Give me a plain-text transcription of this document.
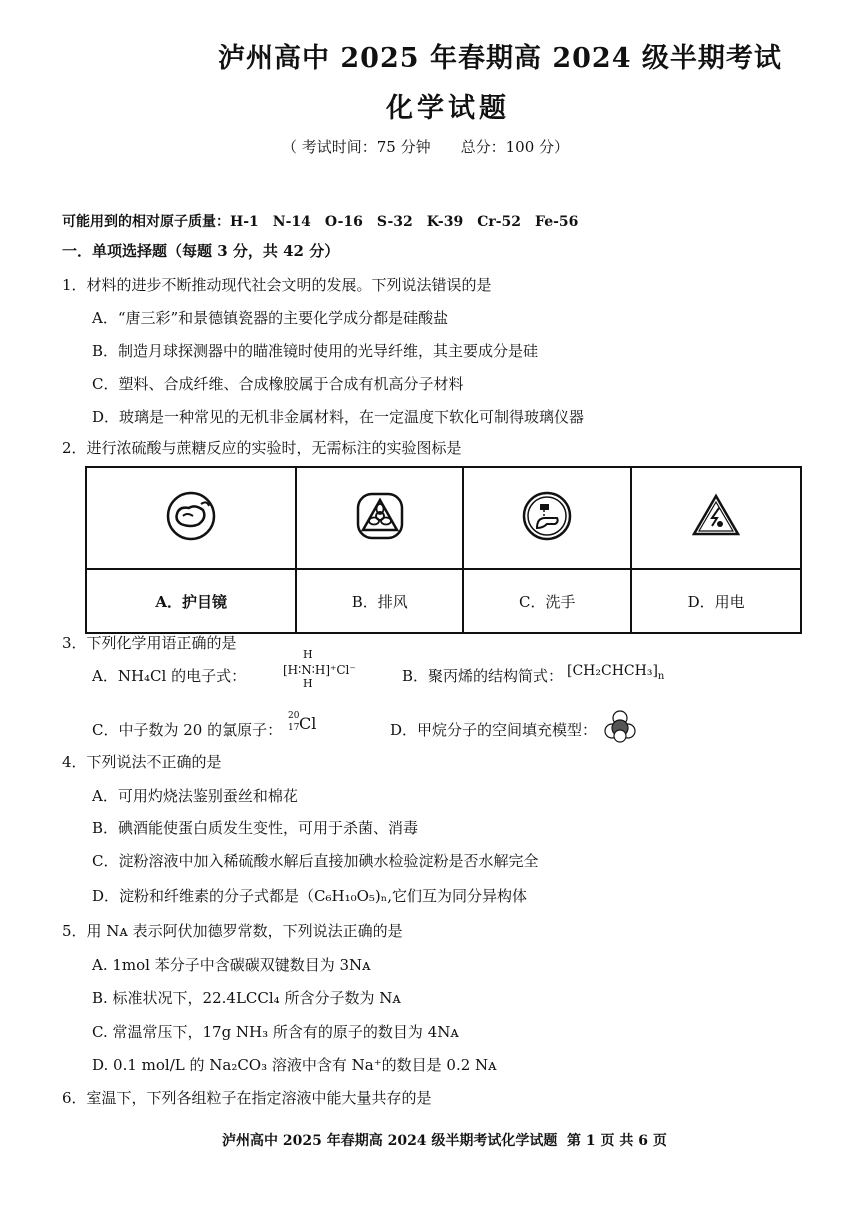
泸州高中 2025 年春期高 2024 级半期考试
化学试题
（ 考试时间：75 分钟　　总分：100 分）
可能用到的相对原子质量：H-1　N-14　O-16　S-32　K-39　Cr-52　Fe-56
一．单项选择题（每题 3 分，共 42 分）
1．材料的进步不断推动现代社会文明的发展。下列说法错误的是
A．“唐三彩”和景德镇瓷器的主要化学成分都是硅酸盐
B．制造月球探测器中的瞄准镜时使用的光导纤维，其主要成分是硅
C．塑料、合成纤维、合成橡胶属于合成有机高分子材料
D．玻璃是一种常见的无机非金属材料，在一定温度下软化可制得玻璃仪器
2．进行浓硫酸与蔗糖反应的实验时，无需标注的实验图标是

A．护目镜	B．排风	C．洗手	D．用电
3．下列化学用语正确的是
A．NH₄Cl 的电子式：
H
[H∶N∶H]⁺Cl⁻
H	B．聚丙烯的结构简式： $[CH_2CHCH_3]_n$
C．中子数为 20 的氯原子：
20
17 Cl	D．甲烷分子的空间填充模型：
4．下列说法不正确的是
A．可用灼烧法鉴别蚕丝和棉花
B．碘酒能使蛋白质发生变性，可用于杀菌、消毒
C．淀粉溶液中加入稀硫酸水解后直接加碘水检验淀粉是否水解完全
D．淀粉和纤维素的分子式都是（C₆H₁₀O₅)ₙ,它们互为同分异构体
5．用 Nᴀ 表示阿伏加德罗常数，下列说法正确的是
A. 1mol 苯分子中含碳碳双键数目为 3Nᴀ
B. 标准状况下，22.4LCCl₄ 所含分子数为 Nᴀ
C. 常温常压下，17g NH₃ 所含有的原子的数目为 4Nᴀ
D. 0.1 mol/L 的 Na₂CO₃ 溶液中含有 Na⁺的数目是 0.2 Nᴀ
6．室温下，下列各组粒子在指定溶液中能大量共存的是
泸州高中 2025 年春期高 2024 级半期考试化学试题 第 1 页 共 6 页
